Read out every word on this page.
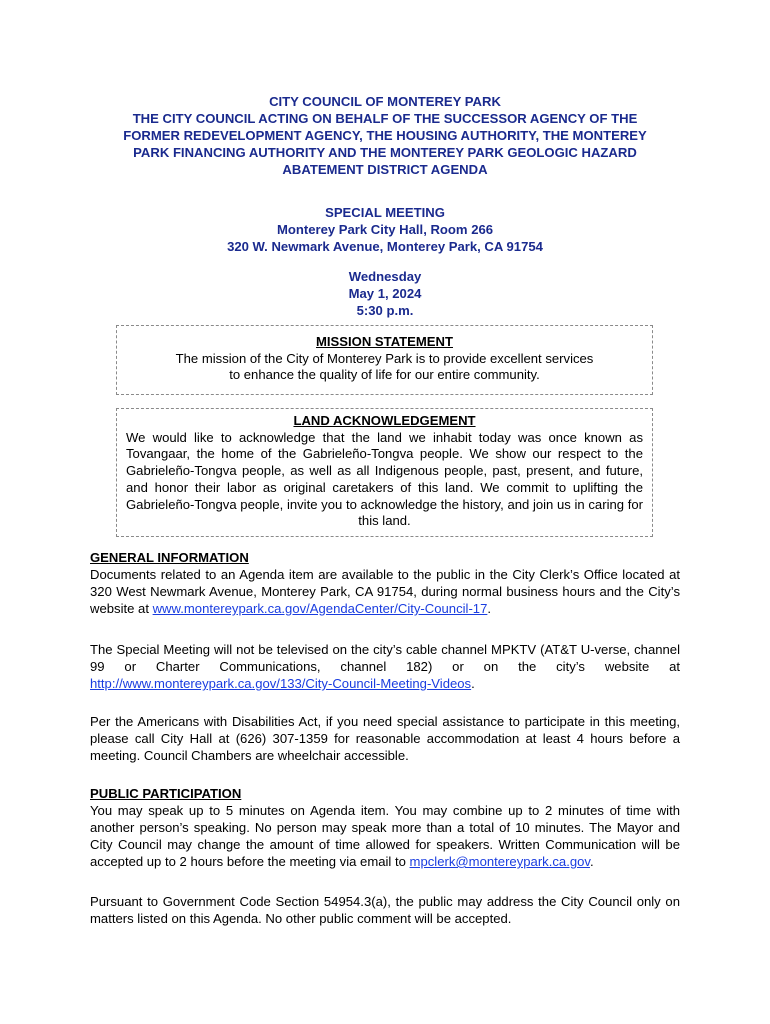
CITY COUNCIL OF MONTEREY PARK
THE CITY COUNCIL ACTING ON BEHALF OF THE SUCCESSOR AGENCY OF THE
FORMER REDEVELOPMENT AGENCY, THE HOUSING AUTHORITY, THE MONTEREY
PARK FINANCING AUTHORITY AND THE MONTEREY PARK GEOLOGIC HAZARD
ABATEMENT DISTRICT AGENDA
SPECIAL MEETING
Monterey Park City Hall, Room 266
320 W. Newmark Avenue, Monterey Park, CA 91754
Wednesday
May 1, 2024
5:30 p.m.
MISSION STATEMENT
The mission of the City of Monterey Park is to provide excellent services
to enhance the quality of life for our entire community.
LAND ACKNOWLEDGEMENT
We would like to acknowledge that the land we inhabit today was once known as Tovangaar, the home of the Gabrieleño-Tongva people. We show our respect to the Gabrieleño-Tongva people, as well as all Indigenous people, past, present, and future, and honor their labor as original caretakers of this land. We commit to uplifting the Gabrieleño-Tongva people, invite you to acknowledge the history, and join us in caring for this land.
GENERAL INFORMATION

Documents related to an Agenda item are available to the public in the City Clerk’s Office located at 320 West Newmark Avenue, Monterey Park, CA 91754, during normal business hours and the City’s website at www.montereypark.ca.gov/AgendaCenter/City-Council-17.

The Special Meeting will not be televised on the city’s cable channel MPKTV (AT&T U-verse, channel 99 or Charter Communications, channel 182) or on the city’s website at http://www.montereypark.ca.gov/133/City-Council-Meeting-Videos.

Per the Americans with Disabilities Act, if you need special assistance to participate in this meeting, please call City Hall at (626) 307-1359 for reasonable accommodation at least 4 hours before a meeting. Council Chambers are wheelchair accessible.

PUBLIC PARTICIPATION

You may speak up to 5 minutes on Agenda item. You may combine up to 2 minutes of time with another person’s speaking. No person may speak more than a total of 10 minutes. The Mayor and City Council may change the amount of time allowed for speakers. Written Communication will be accepted up to 2 hours before the meeting via email to mpclerk@montereypark.ca.gov.

Pursuant to Government Code Section 54954.3(a), the public may address the City Council only on matters listed on this Agenda. No other public comment will be accepted.
